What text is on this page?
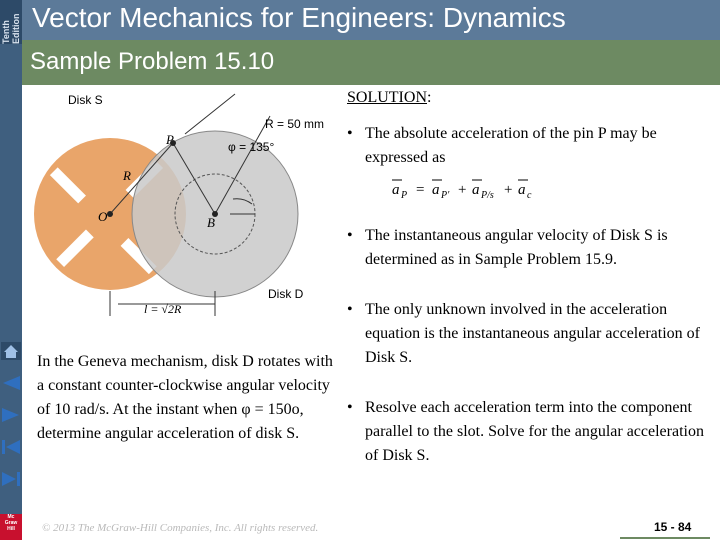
Tenth Edition Vector Mechanics for Engineers: Dynamics
Sample Problem 15.10
Disk S
Disk D
R = 50 mm
φ = 135°
P
R
O	B
l = √2R
SOLUTION:
• The absolute acceleration of the pin P may be expressed as
a P = a P′ + a P/s + a c
• The instantaneous angular velocity of Disk S is determined as in Sample Problem 15.9.
• The only unknown involved in the acceleration equation is the instantaneous angular acceleration of Disk S.
• Resolve each acceleration term into the component parallel to the slot. Solve for the angular acceleration of Disk S.
In the Geneva mechanism, disk D rotates with a constant counter-clockwise angular velocity of 10 rad/s. At the instant when φ = 150o, determine angular acceleration of disk S.
© 2013 The McGraw-Hill Companies, Inc. All rights reserved.	15 - 84
Mc
Graw
Hill
